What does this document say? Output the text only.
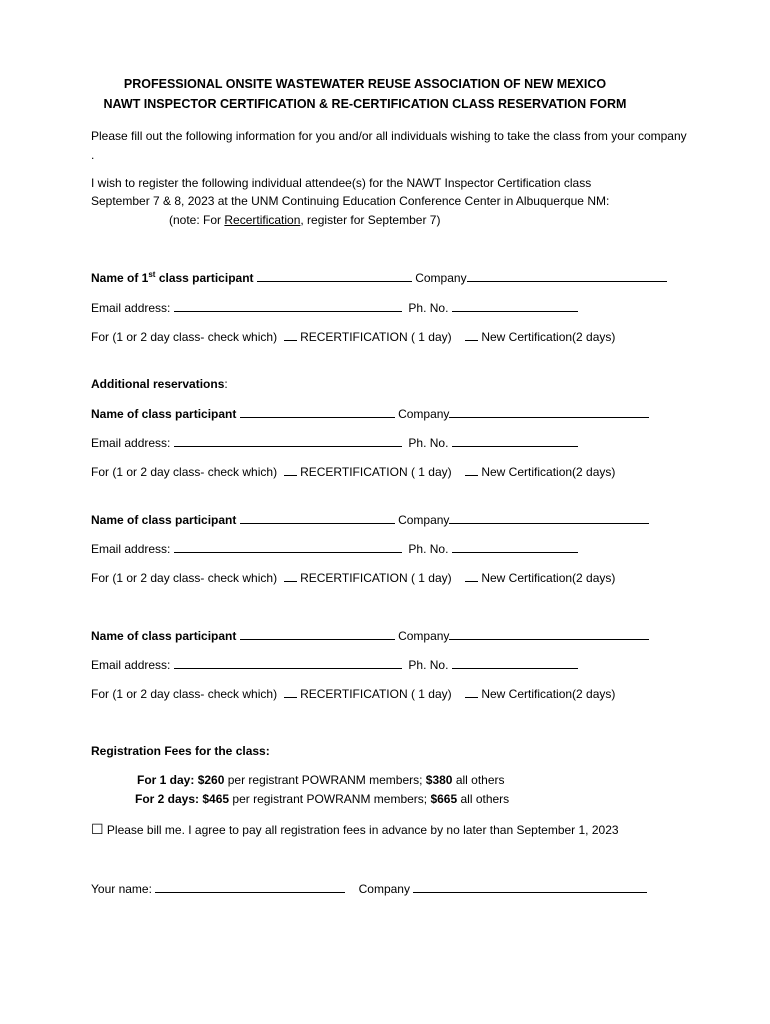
PROFESSIONAL ONSITE WASTEWATER REUSE ASSOCIATION OF NEW MEXICO
NAWT INSPECTOR CERTIFICATION & RE-CERTIFICATION CLASS RESERVATION FORM
Please fill out the following information for you and/or all individuals wishing to take the class from your company .
I wish to register the following individual attendee(s) for the NAWT Inspector Certification class
September 7 & 8, 2023 at the UNM Continuing Education Conference Center in Albuquerque NM:
(note: For Recertification, register for September 7)
Name of 1st class participant	Company
Email address:	Ph. No.
For (1 or 2 day class- check which) RECERTIFICATION ( 1 day) New Certification(2 days)
Additional reservations:
Name of class participant	Company
Email address:	Ph. No.
For (1 or 2 day class- check which) RECERTIFICATION ( 1 day) New Certification(2 days)
Name of class participant	Company
Email address:	Ph. No.
For (1 or 2 day class- check which) RECERTIFICATION ( 1 day) New Certification(2 days)
Name of class participant	Company
Email address:	Ph. No.
For (1 or 2 day class- check which) RECERTIFICATION ( 1 day) New Certification(2 days)
Registration Fees for the class:
For 1 day: $260 per registrant POWRANM members; $380 all others
For 2 days: $465 per registrant POWRANM members; $665 all others
☐ Please bill me. I agree to pay all registration fees in advance by no later than September 1, 2023
Your name:	Company
